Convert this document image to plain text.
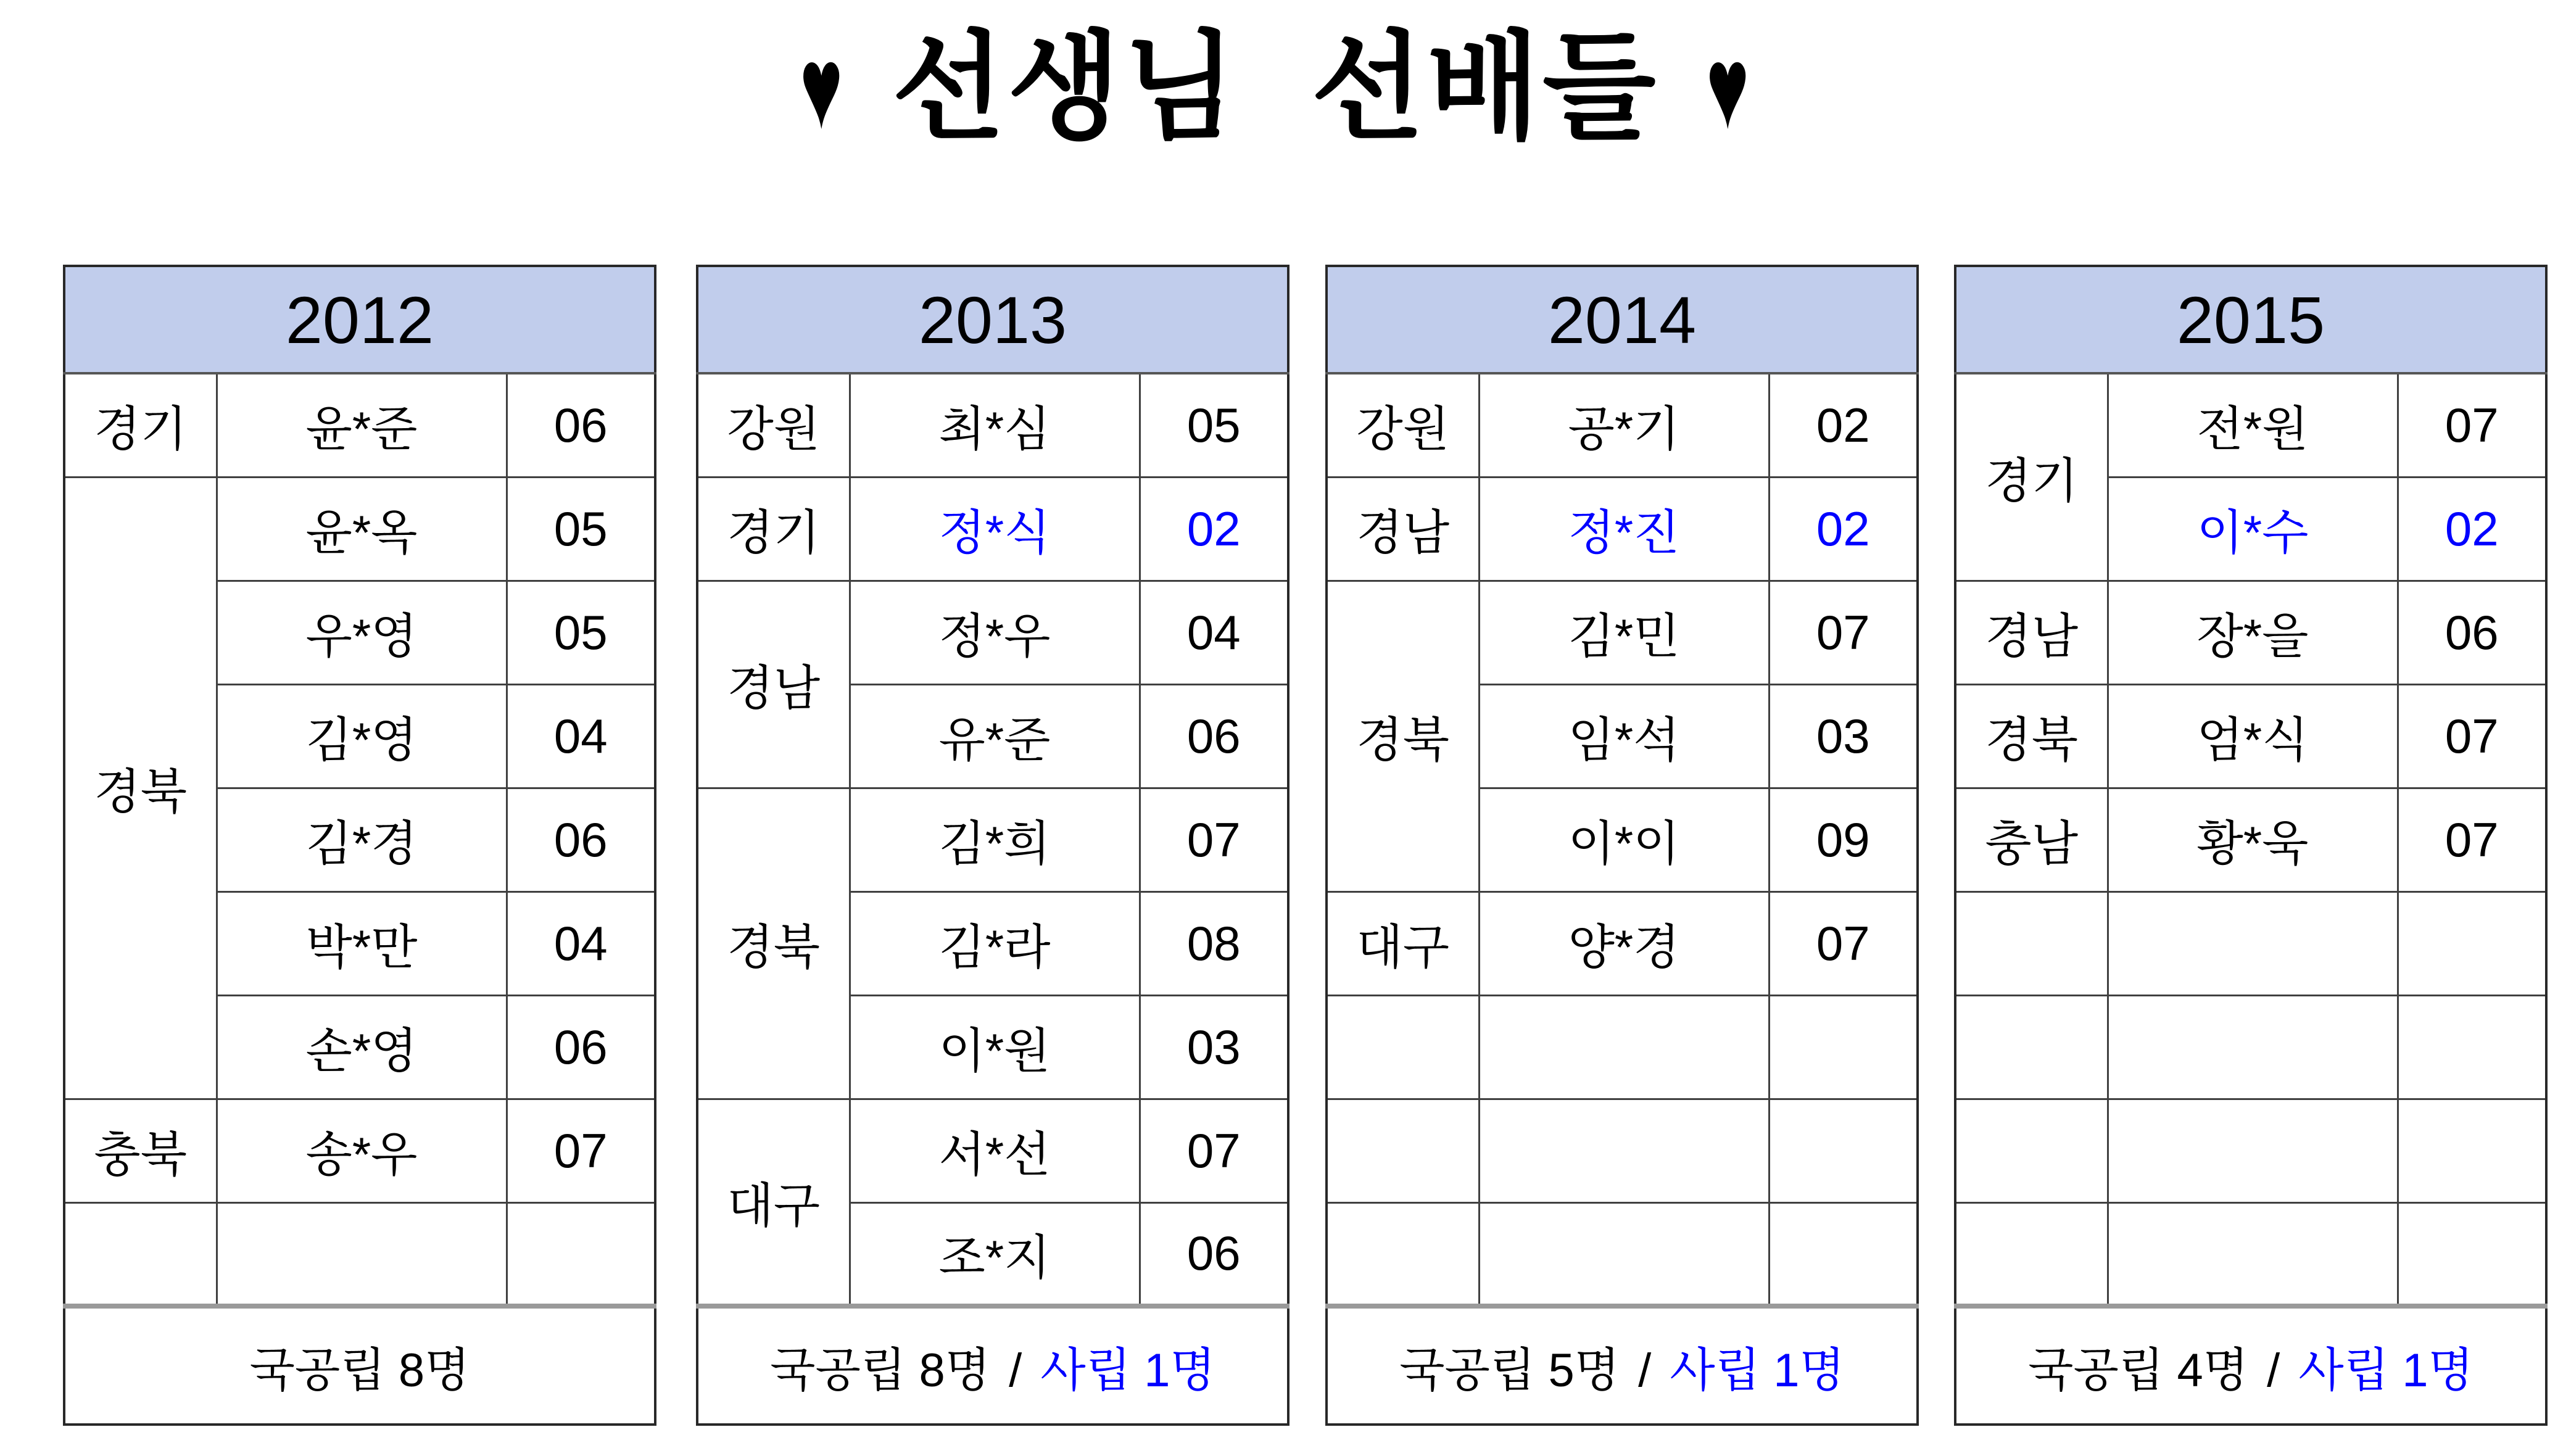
♥ 선생님 선배들 ♥
2012		
경기	윤*준	06
경북	윤*옥	05
	우*영	05
	김*영	04
	김*경	06
	박*만	04
	손*영	06
충북	송*우	07

국공립 8명		
2013		
강원	최*심	05
경기	정*식	02
경남	정*우	04
	유*준	06
경북	김*희	07
	김*라	08
	이*원	03
대구	서*선	07
	조*지	06
국공립 8명 / 사립 1명		
2014		
강원	공*기	02
경남	정*진	02
경북	김*민	07
	임*석	03
	이*이	09
대구	양*경	07

국공립 5명 / 사립 1명		
2015		
경기	전*원	07
	이*수	02
경남	장*을	06
경북	엄*식	07
충남	황*욱	07

국공립 4명 / 사립 1명		
